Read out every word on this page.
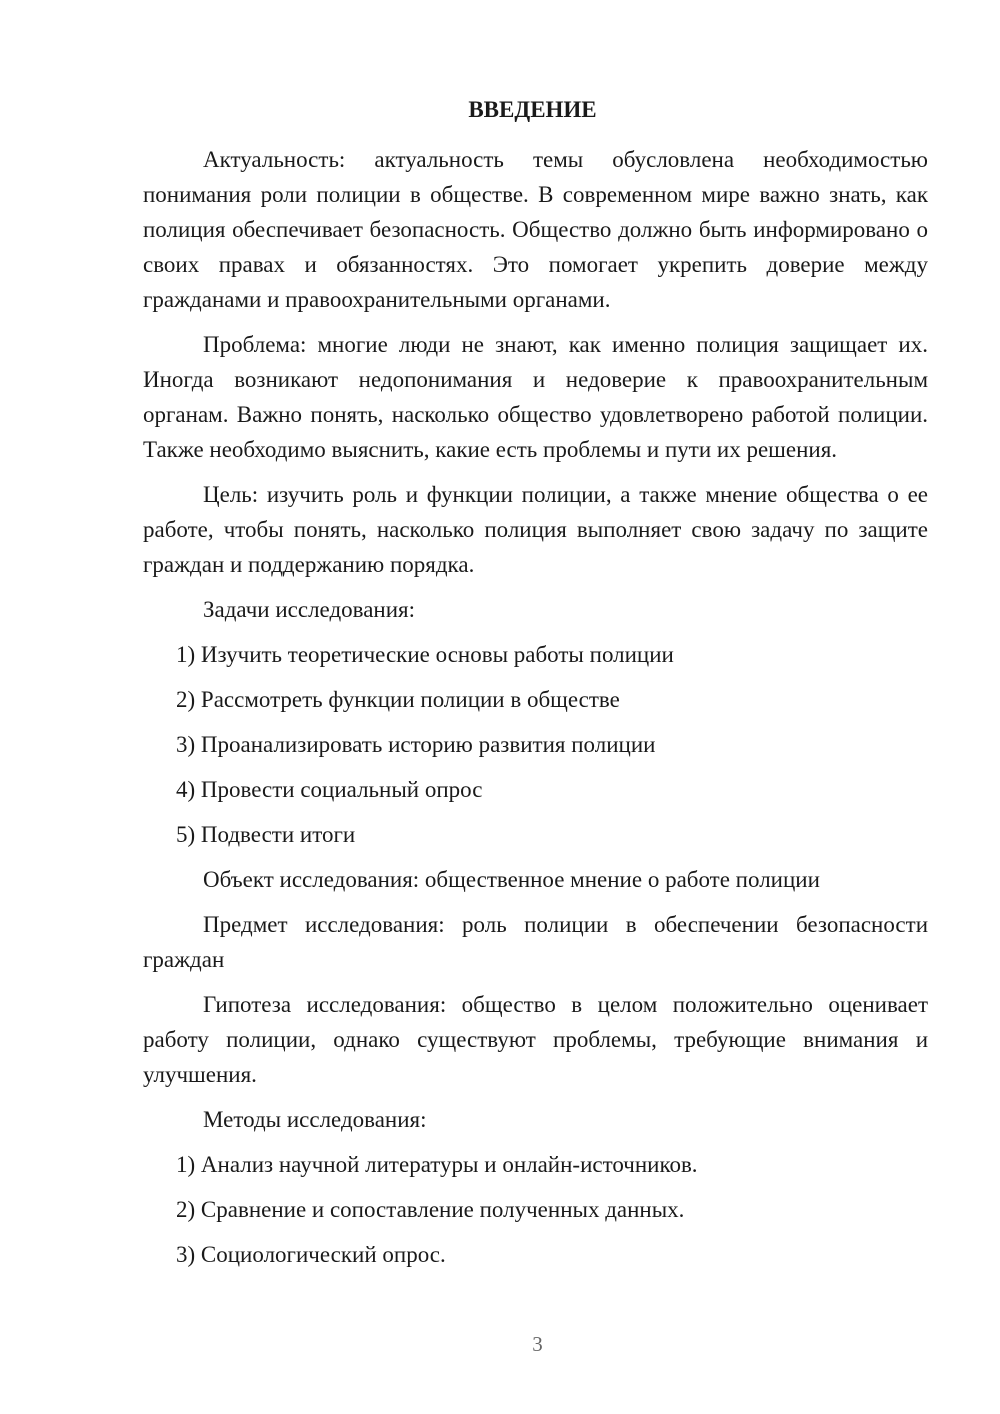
ВВЕДЕНИЕ

Актуальность: актуальность темы обусловлена необходимостью понимания роли полиции в обществе. В современном мире важно знать, как полиция обеспечивает безопасность. Общество должно быть информировано о своих правах и обязанностях. Это помогает укрепить доверие между гражданами и правоохранительными органами.

Проблема: многие люди не знают, как именно полиция защищает их. Иногда возникают недопонимания и недоверие к правоохранительным органам. Важно понять, насколько общество удовлетворено работой полиции. Также необходимо выяснить, какие есть проблемы и пути их решения.

Цель: изучить роль и функции полиции, а также мнение общества о ее работе, чтобы понять, насколько полиция выполняет свою задачу по защите граждан и поддержанию порядка.

Задачи исследования:
1) Изучить теоретические основы работы полиции
2) Рассмотреть функции полиции в обществе
3) Проанализировать историю развития полиции
4) Провести социальный опрос
5) Подвести итоги

Объект исследования: общественное мнение о работе полиции

Предмет исследования: роль полиции в обеспечении безопасности граждан

Гипотеза исследования: общество в целом положительно оценивает работу полиции, однако существуют проблемы, требующие внимания и улучшения.

Методы исследования:
1) Анализ научной литературы и онлайн-источников.
2) Сравнение и сопоставление полученных данных.
3) Социологический опрос.
3
